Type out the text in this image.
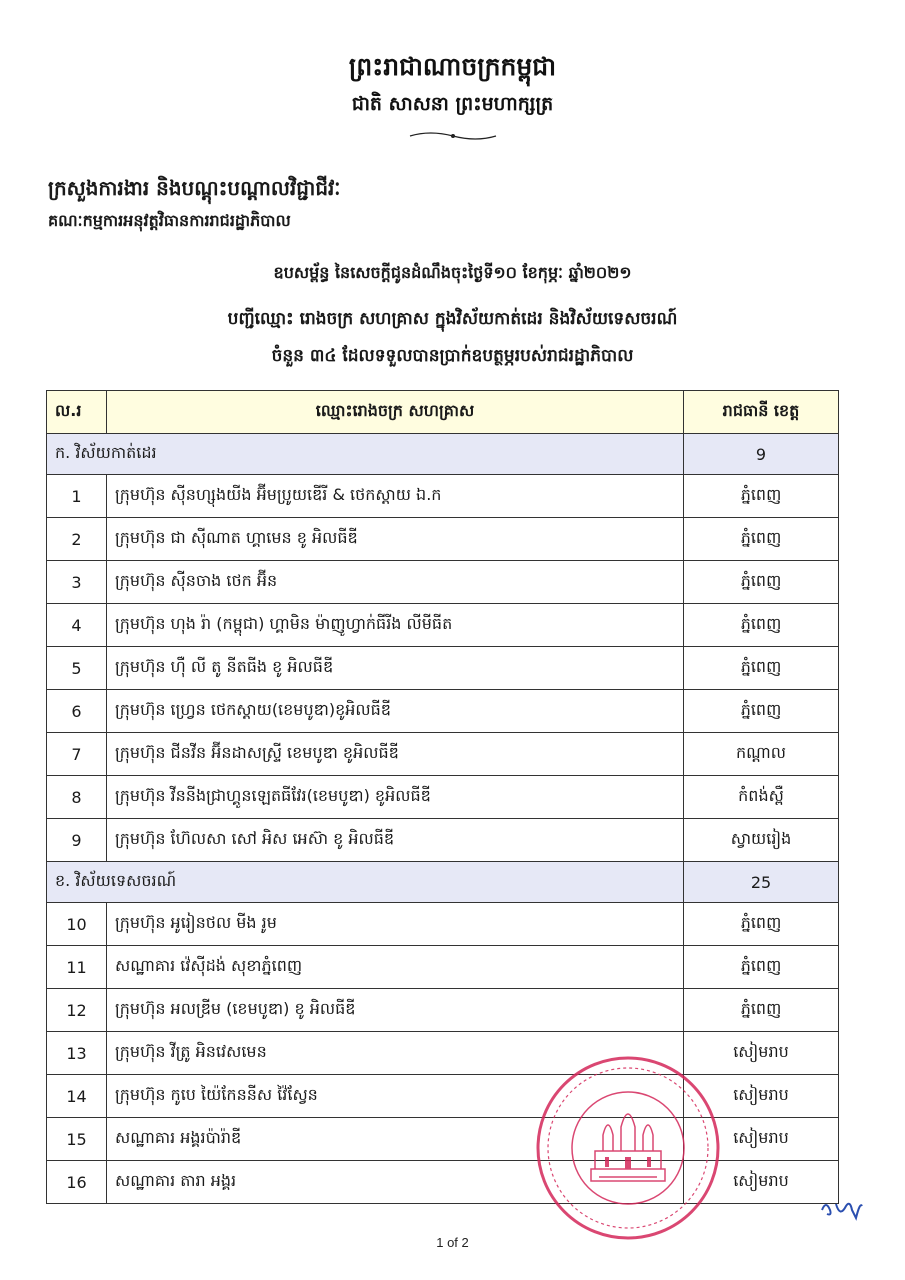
ព្រះរាជាណាចក្រកម្ពុជា
ជាតិ សាសនា ព្រះមហាក្សត្រ
ក្រសួងការងារ និងបណ្តុះបណ្តាលវិជ្ជាជីវៈ
គណៈកម្មការអនុវត្តវិធានការរាជរដ្ឋាភិបាល
ឧបសម្ព័ន្ធ នៃសេចក្តីជូនដំណឹងចុះថ្ងៃទី១០ ខែកុម្ភៈ ឆ្នាំ២០២១
បញ្ជីឈ្មោះ រោងចក្រ សហគ្រាស ក្នុងវិស័យកាត់ដេរ និងវិស័យទេសចរណ៍
ចំនួន ៣៤ ដែលទទួលបានប្រាក់ឧបត្ថម្ភរបស់រាជរដ្ឋាភិបាល
ល.រ	ឈ្មោះរោងចក្រ សហគ្រាស	រាជធានី ខេត្ត
ក. វិស័យកាត់ដេរ		9
1	ក្រុមហ៊ុន ស៊ីនហ្សុងយីង អ៊ីមប្រូយឌើរី & ថេកស្តាយ ឯ.ក	ភ្នំពេញ
2	ក្រុមហ៊ុន ជា ស៊ីណាត ហ្គាមេន ខូ អិលធីឌី	ភ្នំពេញ
3	ក្រុមហ៊ុន ស៊ីនចាង ថេក អ៊ីន	ភ្នំពេញ
4	ក្រុមហ៊ុន ហុង រ៉ា (កម្ពុជា) ហ្គាមិន ម៉ាញូហ្វាក់ធីរីង លីមីធីត	ភ្នំពេញ
5	ក្រុមហ៊ុន ហ៊ឺ លី តូ នីតធីង ខូ អិលធីឌី	ភ្នំពេញ
6	ក្រុមហ៊ុន ហ្វ្រេន ថេកស្តាយ(ខេមបូឌា)ខូអិលធីឌី	ភ្នំពេញ
7	ក្រុមហ៊ុន ជីនវីន អ៊ីនដាសស្ទ្រី ខេមបូឌា ខូអិលធីឌី	កណ្តាល
8	ក្រុមហ៊ុន វីននីងជ្រាហ្គូនឡេតធីវែរ(ខេមបូឌា) ខូអិលធីឌី	កំពង់ស្ពឺ
9	ក្រុមហ៊ុន ហ៊ែលសា សៅ អិស អេស៊ា ខូ អិលធីឌី	ស្វាយរៀង
ខ. វិស័យទេសចរណ៍		25
10	ក្រុមហ៊ុន អូរៀនថល មីង រូម	ភ្នំពេញ
11	សណ្ឋាគារ វ៉េស៊ីដង់ សុខាភ្នំពេញ	ភ្នំពេញ
12	ក្រុមហ៊ុន អលឌ្រីម (ខេមបូឌា) ខូ អិលធីឌី	ភ្នំពេញ
13	ក្រុមហ៊ុន វីត្រូ អិនវេសមេន	សៀមរាប
14	ក្រុមហ៊ុន កូបេ យ៉ៃកែននីស វ៉ៃស្វែន	សៀមរាប
15	សណ្ឋាគារ អង្គរប៉ារ៉ាឌី	សៀមរាប
16	សណ្ឋាគារ តារា អង្គរ	សៀមរាប
1 of 2
